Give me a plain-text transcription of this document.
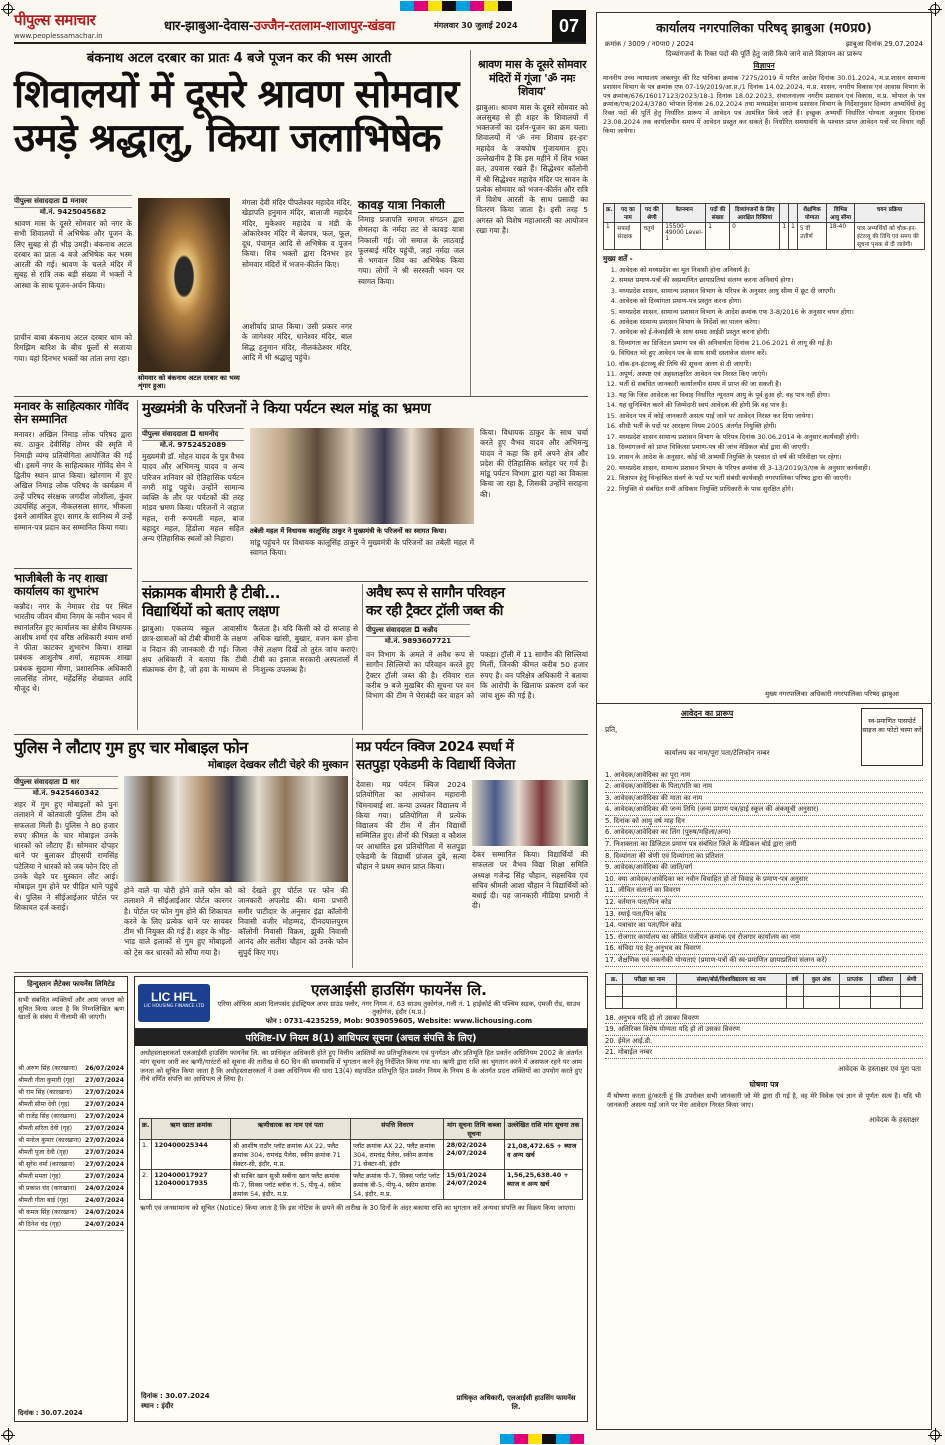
पीपुल्स समाचार
www.peoplessamachar.in
धार-झाबुआ-देवास-उज्जैन-रतलाम-शाजापुर-खंडवा	मंगलवार 30 जुलाई 2024	07
बंकनाथ अटल दरबार का प्रातः 4 बजे पूजन कर की भस्म आरती
शिवालयों में दूसरे श्रावण सोमवार
उमड़े श्रद्धालु, किया जलाभिषेक
पीपुल्स संवाददाता ◘ मनावर
मो.नं. 9425045682
श्रावण मास के दूसरे सोमवार को नगर के सभी शिवालयों में अभिषेक और पूजन के लिए सुबह से ही भीड़ उमड़ी। बंकनाथ अटल दरबार का प्रातः 4 बजे अभिषेक कर भस्म आरती की गई। श्रावण के चलते मंदिर में सुबह से रात्रि तक बड़ी संख्या में भक्तों ने आस्था के साथ पूजन-अर्चन किया।
प्राचीन बाबा बंकनाथ अटल दरबार धाम को रिमझिम बारिश के बीच फूलों से सजाया गया। यहां दिनभर भक्तों का तांता लगा रहा।
सोमवार को बंकनाथ अटल दरबार का भव्य शृंगार हुआ।
मंगला देवी मंदिर पीपलेश्वर महादेव मंदिर, खेड़ापति हनुमान मंदिर, बालाजी महादेव मंदिर, मुकेश्वर महादेव व मंडी के ओंकारेश्वर मंदिर में बेलपत्र, फल, फूल, दूध, पंचामृत आदि से अभिषेक व पूजन किया। शिव भक्तों द्वारा दिनभर हर सोमवार मंदिरों में भजन-कीर्तन किए।
आशीर्वाद प्राप्त किया। उसी प्रकार नगर के जागेश्वर मंदिर, धानेश्वर मंदिर, बाल सिद्ध हनुमान मंदिर, नीलकंठेश्वर मंदिर, आदि में भी श्रद्धालु पहुंचे।
कावड़ यात्रा निकाली
निमाड़ प्रजापति समाज संगठन द्वारा सेमलदा के नर्मदा तट से कावड़ यात्रा निकाली गई। जो समाज के लाठवाई फूलबाई मंदिर पहुंची, जहां नर्मदा जल से भगवान शिव का अभिषेक किया गया। लोगों ने श्री सरस्वती भवन पर स्वागत किया।
श्रावण मास के दूसरे सोमवार मंदिरों में गूंजा 'ॐ नमः शिवाय'
झाबुआ। श्रावण मास के दूसरे सोमवार को अलसुबह से ही शहर के शिवालयों में भक्तजनों का दर्शन-पूजन का क्रम चला। शिवालयों में 'ॐ नमः शिवाय हर-हर' महादेव के जयघोष गुंजायमान हुए। उल्लेखनीय है कि इस महीने में शिव भक्त व्रत, उपवास रखते हैं। सिद्धेश्वर कॉलोनी में श्री सिद्धेश्वर महादेव मंदिर पर सावन के प्रत्येक सोमवार को भजन-कीर्तन और रात्रि में विशेष आरती के साथ प्रसादी का वितरण किया जाता है। इसी तरह 5 अगस्त को विशेष महाआरती का आयोजन रखा गया है।
मनावर के साहित्यकार गोविंद सेन सम्मानित
मनावर। अखिल निमाड़ लोक परिषद द्वारा स्व. ठाकुर देवीसिंह तोमर की स्मृति में निमाड़ी व्यंग्य प्रतियोगिता आयोजित की गई थी। इसमें नगर के साहित्यकार गोविंद सेन ने द्वितीय स्थान प्राप्त किया। खोरगाम में हुए अखिल निमाड़ लोक परिषद के कार्यक्रम में उन्हें परिषद संरक्षक जगदीश जोशीला, कुंवर उदयसिंह अनुज, नीकलसला सागर, भीकला इंसने आमंत्रित हुए। सागर के सानिध्य में उन्हें सम्मान-पत्र प्रदान कर सम्मानित किया गया।
भाजीबेली के नए शाखा कार्यालय का शुभारंभ
कन्नौद। नगर के नेमावर रोड पर स्थित भारतीय जीवन बीमा निगम के नवीन भवन में स्थानांतरित हुए कार्यालय का क्षेत्रीय विधायक आशीष शर्मा एवं वरिष्ठ अधिकारी श्याम शर्मा ने फीता काटकर शुभारंभ किया। शाखा प्रबंधक आशुतोष शर्मा, सहायक शाखा प्रबंधक सुदामा मीणा, प्रशासनिक अधिकारी लालसिंह तोमर, महेंद्रसिंह शेखावत आदि मौजूद थे।
मुख्यमंत्री के परिजनों ने किया पर्यटन स्थल मांडू का भ्रमण
पीपुल्स संवाददाता ◘ धामनोद
मो.नं. 9752452089
मुख्यमंत्री डॉ. मोहन यादव के पुत्र वैभव यादव और अभिमन्यु यादव व अन्य परिजन शनिवार को ऐतिहासिक पर्यटन नगरी मांडू पहुंचे। उन्होंने सामान्य व्यक्ति के तौर पर पर्यटकों की तरह मांडव भ्रमण किया। परिजनों ने जहाज महल, रानी रूपमती महल, बाज बहादुर महल, हिंडोला महल सहित अन्य ऐतिहासिक स्थलों को निहारा।
तबेली महल में विधायक कालूसिंह ठाकुर ने मुख्यमंत्री के परिजनों का स्वागत किया।
मांडू पहुंचने पर विधायक कालूसिंह ठाकुर ने मुख्यमंत्री के परिजनों का तबेली महल में स्वागत किया।
किया। विधायक ठाकुर के साथ चर्चा करते हुए वैभव यादव और अभिमन्यु यादव ने कहा कि हमें अपने क्षेत्र और प्रदेश की ऐतिहासिक धरोहर पर गर्व है। मांडू पर्यटन विभाग द्वारा यहां का विकास किया जा रहा है, जिसकी उन्होंने सराहना की।
संक्रामक बीमारी है टीबी...
विद्यार्थियों को बताए लक्षण
झाबुआ। एकलव्य स्कूल आवासीय छात्र-छात्राओं को टीबी बीमारी के लक्षण व निदान की जानकारी दी गई। जिला क्षय अधिकारी ने बताया कि टीबी संक्रामक रोग है, जो हवा के माध्यम से फैलता है। यदि किसी को दो सप्ताह से अधिक खांसी, बुखार, वजन कम होना जैसे लक्षण दिखें तो तुरंत जांच कराएं। टीबी का इलाज सरकारी अस्पतालों में निःशुल्क उपलब्ध है।
अवैध रूप से सागौन परिवहन
कर रही ट्रैक्टर ट्रॉली जब्त की
पीपुल्स संवाददाता ◘ कन्नौद
मो.नं. 9893607721
वन विभाग के अमले ने अवैध रूप से सागौन सिल्लियों का परिवहन करते हुए ट्रैक्टर ट्रॉली जब्त की है। रविवार रात करीब 9 बजे मुखबिर की सूचना पर वन विभाग की टीम ने घेराबंदी कर वाहन को पकड़ा। ट्रॉली में 11 सागौन की सिल्लियां मिलीं, जिनकी कीमत करीब 50 हजार रुपए है। वन परिक्षेत्र अधिकारी ने बताया कि आरोपी के खिलाफ प्रकरण दर्ज कर जांच शुरू की गई है।
पुलिस ने लौटाए गुम हुए चार मोबाइल फोन
मोबाइल देखकर लौटी चेहरे की मुस्कान
पीपुल्स संवाददाता ◘ धार
मो.नं. 9425460342
शहर में गुम हुए मोबाइलों को पुनः तलाशने में कोतवाली पुलिस टीम को सफलता मिली है। पुलिस ने 80 हजार रुपए कीमत के चार मोबाइल उनके धारकों को लौटाए हैं। सोमवार दोपहर थाने पर बुलाकर डीएसपी रामसिंह पटेलिया ने धारकों को जब फोन दिए तो उनके चेहरे पर मुस्कान लौट आई। मोबाइल गुम होने पर पीड़ित थाने पहुंचे थे। पुलिस ने सीईआईआर पोर्टल पर शिकायत दर्ज कराई।
होने वाले या चोरी होने वाले फोन को तलाशने में सीईआईआर पोर्टल कारगर है। पोर्टल पर फोन गुम होने की शिकायत करने के लिए प्रत्येक थाने पर सायबर टीम भी नियुक्त की गई है। शहर के भीड़-भाड़ वाले इलाकों से गुम हुए मोबाइलों को ट्रेस कर धारकों को सौंपा गया है।
को देखते हुए पोर्टल पर फोन की जानकारी अपलोड की। थाना प्रभारी समीर पाटीदार के अनुसार इंद्रा कॉलोनी निवासी वजीर मोहम्मद, दीनदयालपुरम कॉलोनी निवासी विक्रम, झुकी निवासी आनंद और सतीश चौहान को उनके फोन सुपुर्द किए गए।
मप्र पर्यटन क्विज 2024 स्पर्धा में
सतपुड़ा एकेडमी के विद्यार्थी विजेता
देवास। मप्र पर्यटन क्विज 2024 प्रतियोगिता का आयोजन महारानी चिमनाबाई शा. कन्या उच्चतर विद्यालय में किया गया। प्रतियोगिता में प्रत्येक विद्यालय की टीम में तीन विद्यार्थी सम्मिलित हुए। तीनों की भिन्नता व कौशल पर आधारित इस प्रतियोगिता में सतपुड़ा एकेडमी के विद्यार्थी प्रांजल दुबे, सत्या चौहान ने प्रथम स्थान प्राप्त किया।
देकर सम्मानित किया। विद्यार्थियों की सफलता पर वैभव विद्या शिक्षा समिति अध्यक्ष गजेन्द्र सिंह चौहान, सहसचिव एवं सचिव श्रीमती आशा चौहान ने विद्यार्थियों को बधाई दी। यह जानकारी मीडिया प्रभारी ने दी।
हिन्दुस्तान लैटेक्स फायनेंस लिमिटेड
सभी संबंधित व्यक्तियों और आम जनता को सूचित किया जाता है कि निम्नलिखित ऋण खातों के संबंध में नीलामी की जाएगी।
श्री अरुण सिंह (कारखाना) 26/07/2024
श्रीमती नीता कुमारी (गृह) 27/07/2024
श्री राम सिंह (कारखाना) 27/07/2024
श्रीमती सीमा देवी (गृह) 27/07/2024
श्री राजेंद्र सिंह (कारखाना) 27/07/2024
श्रीमती सरिता देवी (गृह) 27/07/2024
श्री मनोज कुमार (कारखाना) 27/07/2024
श्रीमती पूजा देवी (गृह)	27/07/2024
श्री सुरेश वर्मा (कारखाना) 27/07/2024
श्रीमती ममता (गृह)	27/07/2024
श्री प्रकाश चंद (कारखाना) 24/07/2024
श्रीमती गीता बाई (गृह)	24/07/2024
श्री कमल सिंह (कारखाना) 24/07/2024
श्री दिनेश चंद्र (गृह)	24/07/2024
दिनांक : 30.07.2024
LIC HFL
LIC HOUSING FINANCE LTD
एलआईसी हाउसिंग फायनेंस लि.
एरिया ऑफिस आशा दिलपसंद इंडस्ट्रियल अपर ग्राउंड फ्लोर, नगर निगम नं. 63 साउथ तुकोगंज, गली नं. 1 हाईकोर्ट की पश्चिम सड़क, एमजी रोड, साउथ तुकोगंज, इंदौर (म.प्र.)
फोन : 0731-4235259, Mob: 9039059605, Website: www.lichousing.com
परिशिष्ट-IV नियम 8(1) आधिपत्य सूचना (अचल संपत्ति के लिए)
अधोहस्ताक्षरकर्ता एलआईसी हाउसिंग फायनेंस लि. का प्राधिकृत अधिकारी होते हुए वित्तीय आस्तियों का प्रतिभूतिकरण एवं पुनर्गठन और प्रतिभूति हित प्रवर्तन अधिनियम 2002 के अंतर्गत मांग सूचना जारी कर ऋणी/गारंटरों को सूचना की तारीख से 60 दिन की समयावधि में भुगतान करने हेतु निर्देशित किया गया था। ऋणी द्वारा राशि का भुगतान करने में असफल रहने पर आम जनता को सूचित किया जाता है कि अधोहस्ताक्षरकर्ता ने उक्त अधिनियम की धारा 13(4) सहपठित प्रतिभूति हित प्रवर्तन नियम के नियम 8 के अंतर्गत प्रदत्त शक्तियों का उपयोग करते हुए नीचे वर्णित संपत्ति का आधिपत्य ले लिया है।
क्र.	ऋण खाता क्रमांक	ऋणीधारक का नाम एवं पता	संपत्ति विवरण	मांग सूचना तिथि कब्जा सूचना	उल्लेखित राशि मांग सूचना तक
1.	120400025344	श्री आशीष राठौर प्लॉट क्रमांक AX 22, फ्लैट क्रमांक 304, रामचंद्र पैलेस, स्कीम क्रमांक 71 सेक्टर-सी, इंदौर, म.प्र.	प्लॉट क्रमांक AX 22, फ्लैट क्रमांक 304, रामचंद्र पैलेस, स्कीम क्रमांक 71 सेक्टर-सी, इंदौर	28/02/2024 24/07/2024	21,08,472.65 + ब्याज व अन्य खर्च
2.	120400017927 120400017935	श्री साबिर खान सुश्री सबीना खान फ्लैट क्रमांक पी-7, सिक्स प्लॉट ब्लॉक नं. 5, पीयू-4, स्कीम क्रमांक 54, इंदौर, म.प्र.	फ्लैट क्रमांक पी-7, सिक्स प्लॉट प्लॉट क्रमांक बी-5, पीयू-4, स्कीम क्रमांक 54, इंदौर, म.प्र.	15/01/2024 24/07/2024	1,56,25,638.40 + ब्याज व अन्य खर्च
ऋणी एवं जनसामान्य को सूचित (Notice) किया जाता है कि इस नोटिस के छपने की तारीख के 30 दिनों के अंदर बकाया राशि का भुगतान करें अन्यथा संपत्ति का विक्रय किया जाएगा।
दिनांक : 30.07.2024
स्थान : इंदौर
प्राधिकृत अधिकारी, एलआईसी हाउसिंग फायनेंस लि.
कार्यालय नगरपालिका परिषद् झाबुआ (म0प्र0)
क्रमांक / 3009 / न0पा0 / 2024	झाबुआ दिनांक 29.07.2024
दिव्यांगजनों के रिक्त पदों की पूर्ति हेतु जारी किये जाने वाले विज्ञापन का प्रारूप
विज्ञापन
माननीय उच्च न्यायालय जबलपुर की रिट याचिका क्रमांक 7275/2019 में पारित आदेश दिनांक 30.01.2024, म.प्र.शासन सामान्य प्रशासन विभाग के पत्र क्रमांक एफ 07-19/2019/आ.प्र./1 दिनांक 14.02.2024, म.प्र. शासन, नगरीय विकास एवं आवास विभाग के पत्र क्रमांक/676/16017123/2023/18-1 दिनांक 18.02.2023, संचालनालय नगरीय प्रशासन एवं विकास, म.प्र. भोपाल के पत्र क्रमांक/एफ/2024/3780 भोपाल दिनांक 26.02.2024 तथा मध्यप्रदेश सामान्य प्रशासन विभाग के निर्देशानुसार दिव्यांग अभ्यर्थियों हेतु रिक्त पदों की पूर्ति हेतु निर्धारित प्रारूप में आवेदन पत्र आमंत्रित किये जाते हैं। इच्छुक अभ्यर्थी निर्धारित योग्यता अनुसार दिनांक 23.08.2024 तक कार्यालयीन समय में आवेदन प्रस्तुत कर सकते हैं। निर्धारित समयावधि के पश्चात प्राप्त आवेदन पत्रों पर विचार नहीं किया जायेगा।
क्र.	पद का नाम	पद की श्रेणी	वेतनमान	पदों की संख्या	दिव्यांगजनों के लिए आरक्षित रिक्तियां			शैक्षणिक योग्यता	विभिन्न आयु सीमा	चयन प्रक्रिया
1	सफाई संरक्षक	चतुर्थ	15500-49000 Level-1	1	0	1	1	5 वीं उत्तीर्ण	18-40	पात्र अभ्यर्थियों को चौक-इन-इंटरव्यू की तिथि एवं समय की सूचना पृथक से दी जावेगी।
मुख्य शर्तें -
1. आवेदक को मध्यप्रदेश का मूल निवासी होना अनिवार्य है।
2. समस्त प्रमाण-पत्रों की स्वप्रमाणित छायाप्रतियां संलग्न करना अनिवार्य होगा।
3. मध्यप्रदेश शासन, सामान्य प्रशासन विभाग के परिपत्र के अनुसार आयु सीमा में छूट दी जाएगी।
4. आवेदक को दिव्यांगता प्रमाण-पत्र प्रस्तुत करना होगा।
5. मध्यप्रदेश शासन, सामान्य प्रशासन विभाग के आदेश क्रमांक एफ 3-8/2016 के अनुसार चयन होगा।
6. आवेदक सामान्य प्रशासन विभाग के निर्देशों का पालन करेगा।
7. आवेदक को ई-केवाईसी के साथ समग्र आईडी प्रस्तुत करना होगी।
8. दिव्यांगता का डिजिटल प्रमाण पत्र की अनिवार्यता दिनांक 21.06.2021 से लागू की गई है।
9. विधिवत भरे हुए आवेदन पत्र के साथ सभी दस्तावेज संलग्न करें।
10. वॉक-इन-इंटरव्यू की तिथि की सूचना अलग से दी जाएगी।
11. अपूर्ण, अस्पष्ट एवं अहस्ताक्षरित आवेदन पत्र निरस्त किए जाएंगे।
12. भर्ती से संबंधित जानकारी कार्यालयीन समय में प्राप्त की जा सकती है।
13. यह कि जिस आवेदक का विवाह निर्धारित न्यूनतम आयु के पूर्व हुआ हो, वह पात्र नहीं होगा।
14. यह सुनिश्चित करने की जिम्मेदारी स्वयं आवेदक की होगी कि वह पात्र है।
15. आवेदन पत्र में कोई जानकारी असत्य पाई जाने पर आवेदन निरस्त कर दिया जायेगा।
16. सीधी भर्ती के पदों पर आरक्षण नियम 2005 अंतर्गत नियुक्ति होगी।
17. मध्यप्रदेश शासन सामान्य प्रशासन विभाग के परिपत्र दिनांक 30.06.2014 के अनुसार कार्यवाही होगी।
18. दिव्यांगजनों को प्राप्त चिकित्सा प्रमाण-पत्र की जांच मेडिकल बोर्ड द्वारा की जाएगी।
19. शासन के आदेश के अनुसार, कोई भी अभ्यर्थी नियुक्ति के पश्चात दो वर्ष की परिवीक्षा पर रहेगा।
20. मध्यप्रदेश शासन, सामान्य प्रशासन विभाग के परिपत्र क्रमांक सी 3-13/2019/3/एक के अनुसार कार्यवाही।
21. विज्ञापन हेतु चिन्हांकित संवर्ग के पदों पर भर्ती संबंधी कार्यवाही नगरपालिका परिषद द्वारा की जाएगी।
22. नियुक्ति से संबंधित सभी अधिकार नियुक्ति प्राधिकारी के पास सुरक्षित होंगे।
मुख्य नगरपालिका अधिकारी नगरपालिका परिषद झाबुआ
आवेदन का प्रारूप
स्व-प्रमाणित पासपोर्ट साइज का फोटो चस्पा करें
प्रति,
कार्यालय का नाम/पूरा पता/टेलिफोन नम्बर
1. आवेदक/आवेदिका का पूरा नाम
2. आवेदक/आवेदिका के पिता/पति का नाम
3. आवेदक/आवेदिका की माता का नाम
4. आवेदक/आवेदिका की जन्म तिथि (जन्म प्रमाण पत्र/हाई स्कूल की अंकसूची अनुसार)
5. दिनांक को आयु वर्ष माह दिन
6. आवेदक/आवेदिका का लिंग (पुरुष/महिला/अन्य)
7. निःशक्तता का डिजिटल प्रमाण पत्र संबंधित जिले के मेडिकल बोर्ड द्वारा जारी
8. दिव्यांगता की श्रेणी एवं दिव्यांगता का प्रतिशत
9. आवेदक/आवेदिका की जाति/वर्ग
10. क्या आवेदक/आवेदिका का नवीन विवाहित हो तो विवाह के प्रमाण-पत्र अनुसार
11. जीवित संतानों का विवरण
12. वर्तमान पता/पिन कोड
13. स्थाई पता/पिन कोड
14. पत्राचार का पता/पिन कोड
15. रोजगार कार्यालय का जीवित पंजीयन क्रमांक एवं रोजगार कार्यालय का नाम
16. संविदा पद हेतु अनुभव का विवरण
17. शैक्षणिक एवं तकनीकी योग्यताएं (प्रमाण-पत्रों की स्व-प्रमाणित छायाप्रतियां संलग्न करें)
क्र.	परीक्षा का नाम	संस्था/बोर्ड/विश्वविद्यालय का नाम	वर्ष	कुल अंक	प्राप्तांक	प्रतिशत	श्रेणी

18. अनुभव यदि हो तो उसका विवरण
19. अतिरिक्त विशेष योग्यता यदि हो तो उसका विवरण
20. ईमेल आई.डी.
21. मोबाईल नम्बर
आवेदक के हस्ताक्षर एवं पूरा पता
घोषणा पत्र
मैं घोषणा करता हूं/करती हूं कि उपरोक्त सभी जानकारी जो मेरे द्वारा दी गई है, वह मेरे विवेक एवं ज्ञान से पूर्णतः सत्य है। यदि भी जानकारी असत्य पाई जाने पर मेरा आवेदन निरस्त किया जाए।
आवेदक के हस्ताक्षर
